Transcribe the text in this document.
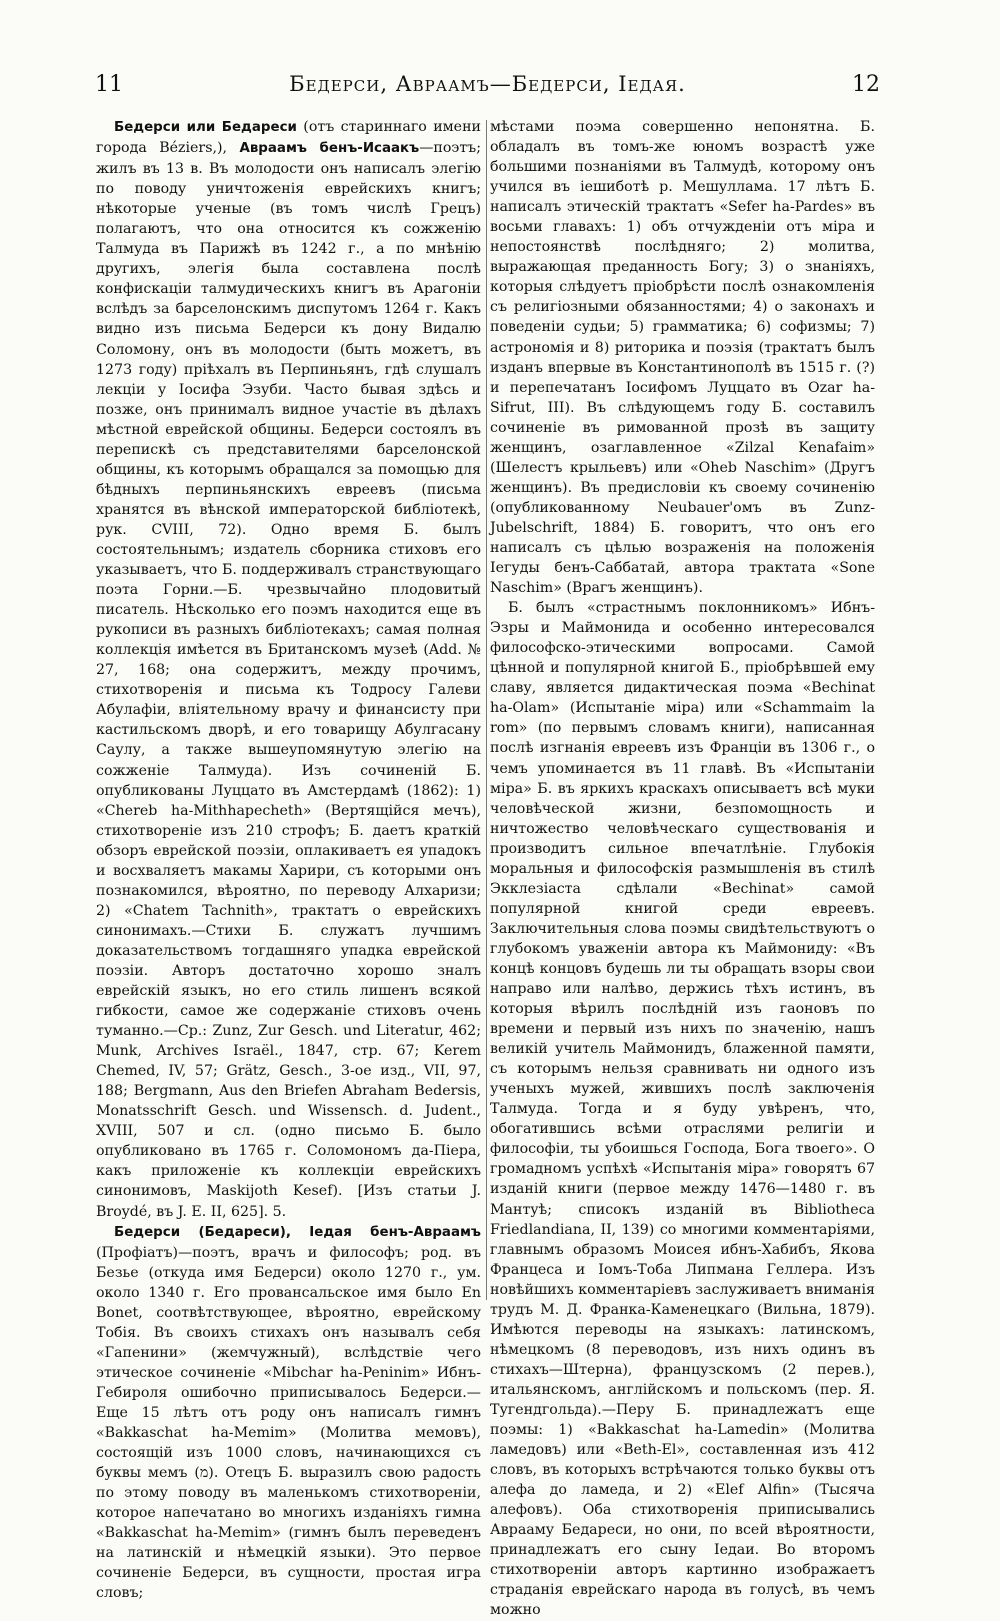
11	Бедерси, Авраамъ—Бедерси, Iедая.	12

Бедерси или Бедареси (отъ стариннаго имени города Béziers,), Авраамъ бенъ-Исаакъ—поэтъ; жилъ въ 13 в. Въ молодости онъ написалъ элегію по поводу уничтоженія еврейскихъ книгъ; нѣкоторые ученые (въ томъ числѣ Грецъ) полагаютъ, что она относится къ сожженію Талмуда въ Парижѣ въ 1242 г., а по мнѣнію другихъ, элегія была составлена послѣ конфискаціи талмудическихъ книгъ въ Арагоніи вслѣдъ за барселонскимъ диспутомъ 1264 г. Какъ видно изъ письма Бедерси къ дону Видалю Соломону, онъ въ молодости (быть можетъ, въ 1273 году) пріѣхалъ въ Перпиньянъ, гдѣ слушалъ лекціи у Іосифа Эзуби. Часто бывая здѣсь и позже, онъ принималъ видное участіе въ дѣлахъ мѣстной еврейской общины. Бедерси состоялъ въ перепискѣ съ представителями барселонской общины, къ которымъ обращался за помощью для бѣдныхъ перпиньянскихъ евреевъ (письма хранятся въ вѣнской императорской библіотекѣ, рук. CVIII, 72). Одно время Б. былъ состоятельнымъ; издатель сборника стиховъ его указываетъ, что Б. поддерживалъ странствующаго поэта Горни.—Б. чрезвычайно плодовитый писатель. Нѣсколько его поэмъ находится еще въ рукописи въ разныхъ библіотекахъ; самая полная коллекція имѣется въ Британскомъ музеѣ (Add. № 27, 168; она содержитъ, между прочимъ, стихотворенія и письма къ Тодросу Галеви Абулафіи, вліятельному врачу и финансисту при кастильскомъ дворѣ, и его товарищу Абулгасану Саулу, а также вышеупомянутую элегію на сожженіе Талмуда). Изъ сочиненій Б. опубликованы Луццато въ Амстердамѣ (1862): 1) «Chereb ha-Mithhapecheth» (Вертящійся мечъ), стихотвореніе изъ 210 строфъ; Б. даетъ краткій обзоръ еврейской поэзіи, оплакиваетъ ея упадокъ и восхваляетъ макамы Харири, съ которыми онъ познакомился, вѣроятно, по переводу Алхаризи; 2) «Chatem Tachnith», трактатъ о еврейскихъ синонимахъ.—Стихи Б. служатъ лучшимъ доказательствомъ тогдашняго упадка еврейской поэзіи. Авторъ достаточно хорошо зналъ еврейскій языкъ, но его стиль лишенъ всякой гибкости, самое же содержаніе стиховъ очень туманно.—Ср.: Zunz, Zur Gesch. und Literatur, 462; Munk, Archives Israël., 1847, стр. 67; Kerem Chemed, IV, 57; Grätz, Gesch., 3-ое изд., VII, 97, 188; Bergmann, Aus den Briefen Abraham Bedersis, Monatsschrift Gesch. und Wissensch. d. Judent., XVIII, 507 и сл. (одно письмо Б. было опубликовано въ 1765 г. Соломономъ да-Піера, какъ приложеніе къ коллекціи еврейскихъ синонимовъ, Maskijoth Kesef). [Изъ статьи J. Broydé, въ J. E. II, 625]. 5.

Бедерси (Бедареси), Іедая бенъ-Авраамъ (Профіатъ)—поэтъ, врачъ и философъ; род. въ Безье (откуда имя Бедерси) около 1270 г., ум. около 1340 г. Его провансальское имя было En Bonet, соотвѣтствующее, вѣроятно, еврейскому Тобія. Въ своихъ стихахъ онъ называлъ себя «Гапенини» (жемчужный), вслѣдствіе чего этическое сочиненіе «Mibchar ha-Peninim» Ибнъ-Гебироля ошибочно приписывалось Бедерси.—Еще 15 лѣтъ отъ роду онъ написалъ гимнъ «Bakkaschat ha-Memim» (Молитва мемовъ), состоящій изъ 1000 словъ, начинающихся съ буквы мемъ (מ). Отецъ Б. выразилъ свою радость по этому поводу въ маленькомъ стихотвореніи, которое напечатано во многихъ изданіяхъ гимна «Bakkaschat ha-Memim» (гимнъ былъ переведенъ на латинскій и нѣмецкій языки). Это первое сочиненіе Бедерси, въ сущности, простая игра словъ;

мѣстами поэма совершенно непонятна. Б. обладалъ въ томъ-же юномъ возрастѣ уже большими познаніями въ Талмудѣ, которому онъ учился въ іешиботѣ р. Мешуллама. 17 лѣтъ Б. написалъ этическій трактатъ «Sefer ha-Pardes» въ восьми главахъ: 1) объ отчужденіи отъ міра и непостоянствѣ послѣдняго; 2) молитва, выражающая преданность Богу; 3) о знаніяхъ, которыя слѣдуетъ пріобрѣсти послѣ ознакомленія съ религіозными обязанностями; 4) о законахъ и поведеніи судьи; 5) грамматика; 6) софизмы; 7) астрономія и 8) риторика и поэзія (трактатъ былъ изданъ впервые въ Константинополѣ въ 1515 г. (?) и перепечатанъ Іосифомъ Луццато въ Ozar ha-Sifrut, III). Въ слѣдующемъ году Б. составилъ сочиненіе въ римованной прозѣ въ защиту женщинъ, озаглавленное «Zilzal Kenafaim» (Шелестъ крыльевъ) или «Oheb Naschim» (Другъ женщинъ). Въ предисловіи къ своему сочиненію (опубликованному Neubauer'омъ въ Zunz-Jubelschrift, 1884) Б. говоритъ, что онъ его написалъ съ цѣлью возраженія на положенія Іегуды бенъ-Саббатай, автора трактата «Sone Naschim» (Врагъ женщинъ).

Б. былъ «страстнымъ поклонникомъ» Ибнъ-Эзры и Маймонида и особенно интересовался философско-этическими вопросами. Самой цѣнной и популярной книгой Б., пріобрѣвшей ему славу, является дидактическая поэма «Bechinat ha-Olam» (Испытаніе міра) или «Schammaim la rom» (по первымъ словамъ книги), написанная послѣ изгнанія евреевъ изъ Франціи въ 1306 г., о чемъ упоминается въ 11 главѣ. Въ «Испытаніи міра» Б. въ яркихъ краскахъ описываетъ всѣ муки человѣческой жизни, безпомощность и ничтожество человѣческаго существованія и производитъ сильное впечатлѣніе. Глубокія моральныя и философскія размышленія въ стилѣ Экклезіаста сдѣлали «Bechinat» самой популярной книгой среди евреевъ. Заключительныя слова поэмы свидѣтельствуютъ о глубокомъ уваженіи автора къ Маймониду: «Въ концѣ концовъ будешь ли ты обращать взоры свои направо или налѣво, держись тѣхъ истинъ, въ которыя вѣрилъ послѣдній изъ гаоновъ по времени и первый изъ нихъ по значенію, нашъ великій учитель Маймонидъ, блаженной памяти, съ которымъ нельзя сравнивать ни одного изъ ученыхъ мужей, жившихъ послѣ заключенія Талмуда. Тогда и я буду увѣренъ, что, обогатившись всѣми отраслями религіи и философіи, ты убоишься Господа, Бога твоего». О громадномъ успѣхѣ «Испытанія міра» говорятъ 67 изданій книги (первое между 1476—1480 г. въ Мантуѣ; списокъ изданій въ Bibliotheca Friedlandiana, II, 139) со многими комментаріями, главнымъ образомъ Моисея ибнъ-Хабибъ, Якова Францеса и Іомъ-Тоба Липмана Геллера. Изъ новѣйшихъ комментаріевъ заслуживаетъ вниманія трудъ М. Д. Франка-Каменецкаго (Вильна, 1879). Имѣются переводы на языкахъ: латинскомъ, нѣмецкомъ (8 переводовъ, изъ нихъ одинъ въ стихахъ—Штерна), французскомъ (2 перев.), итальянскомъ, англійскомъ и польскомъ (пер. Я. Тугендгольда).—Перу Б. принадлежатъ еще поэмы: 1) «Bakkaschat ha-Lamedin» (Молитва ламедовъ) или «Beth-El», составленная изъ 412 словъ, въ которыхъ встрѣчаются только буквы отъ алефа до ламеда, и 2) «Elef Alfin» (Тысяча алефовъ). Оба стихотворенія приписывались Аврааму Бедареси, но они, по всей вѣроятности, принадлежатъ его сыну Іедаи. Во второмъ стихотвореніи авторъ картинно изображаетъ страданія еврейскаго народа въ голусѣ, въ чемъ можно
